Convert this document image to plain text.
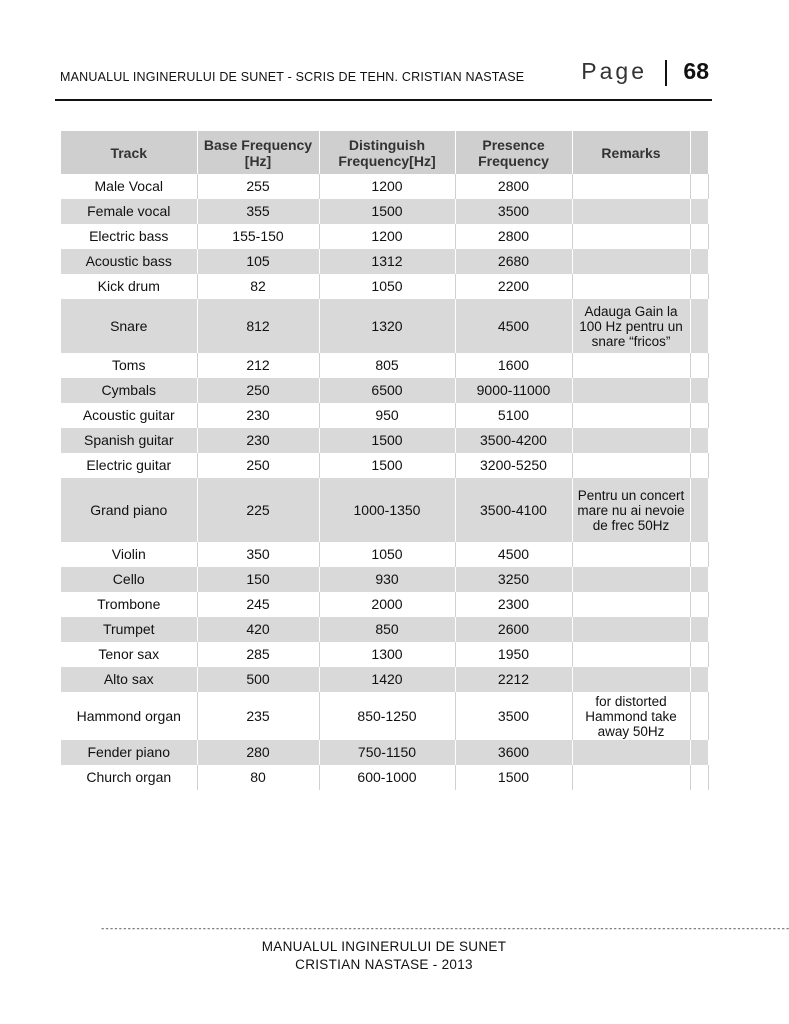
MANUALUL INGINERULUI DE SUNET - SCRIS DE TEHN. CRISTIAN NASTASE Page 68
Track	Base Frequency [Hz]	Distinguish Frequency[Hz]	Presence Frequency	Remarks	
Male Vocal	255	1200	2800		
Female vocal	355	1500	3500		
Electric bass	155-150	1200	2800		
Acoustic bass	105	1312	2680		
Kick drum	82	1050	2200		
Snare	812	1320	4500	Adauga Gain la 100 Hz pentru un snare “fricos”	
Toms	212	805	1600		
Cymbals	250	6500	9000-11000		
Acoustic guitar	230	950	5100		
Spanish guitar	230	1500	3500-4200		
Electric guitar	250	1500	3200-5250		
Grand piano	225	1000-1350	3500-4100	Pentru un concert mare nu ai nevoie de frec 50Hz	
Violin	350	1050	4500		
Cello	150	930	3250		
Trombone	245	2000	2300		
Trumpet	420	850	2600		
Tenor sax	285	1300	1950		
Alto sax	500	1420	2212		
Hammond organ	235	850-1250	3500	for distorted Hammond take away 50Hz	
Fender piano	280	750-1150	3600		
Church organ	80	600-1000	1500		
------------------------------------------------------------------------------------------------------------------------------------------------------------
MANUALUL INGINERULUI DE SUNET
CRISTIAN NASTASE - 2013
